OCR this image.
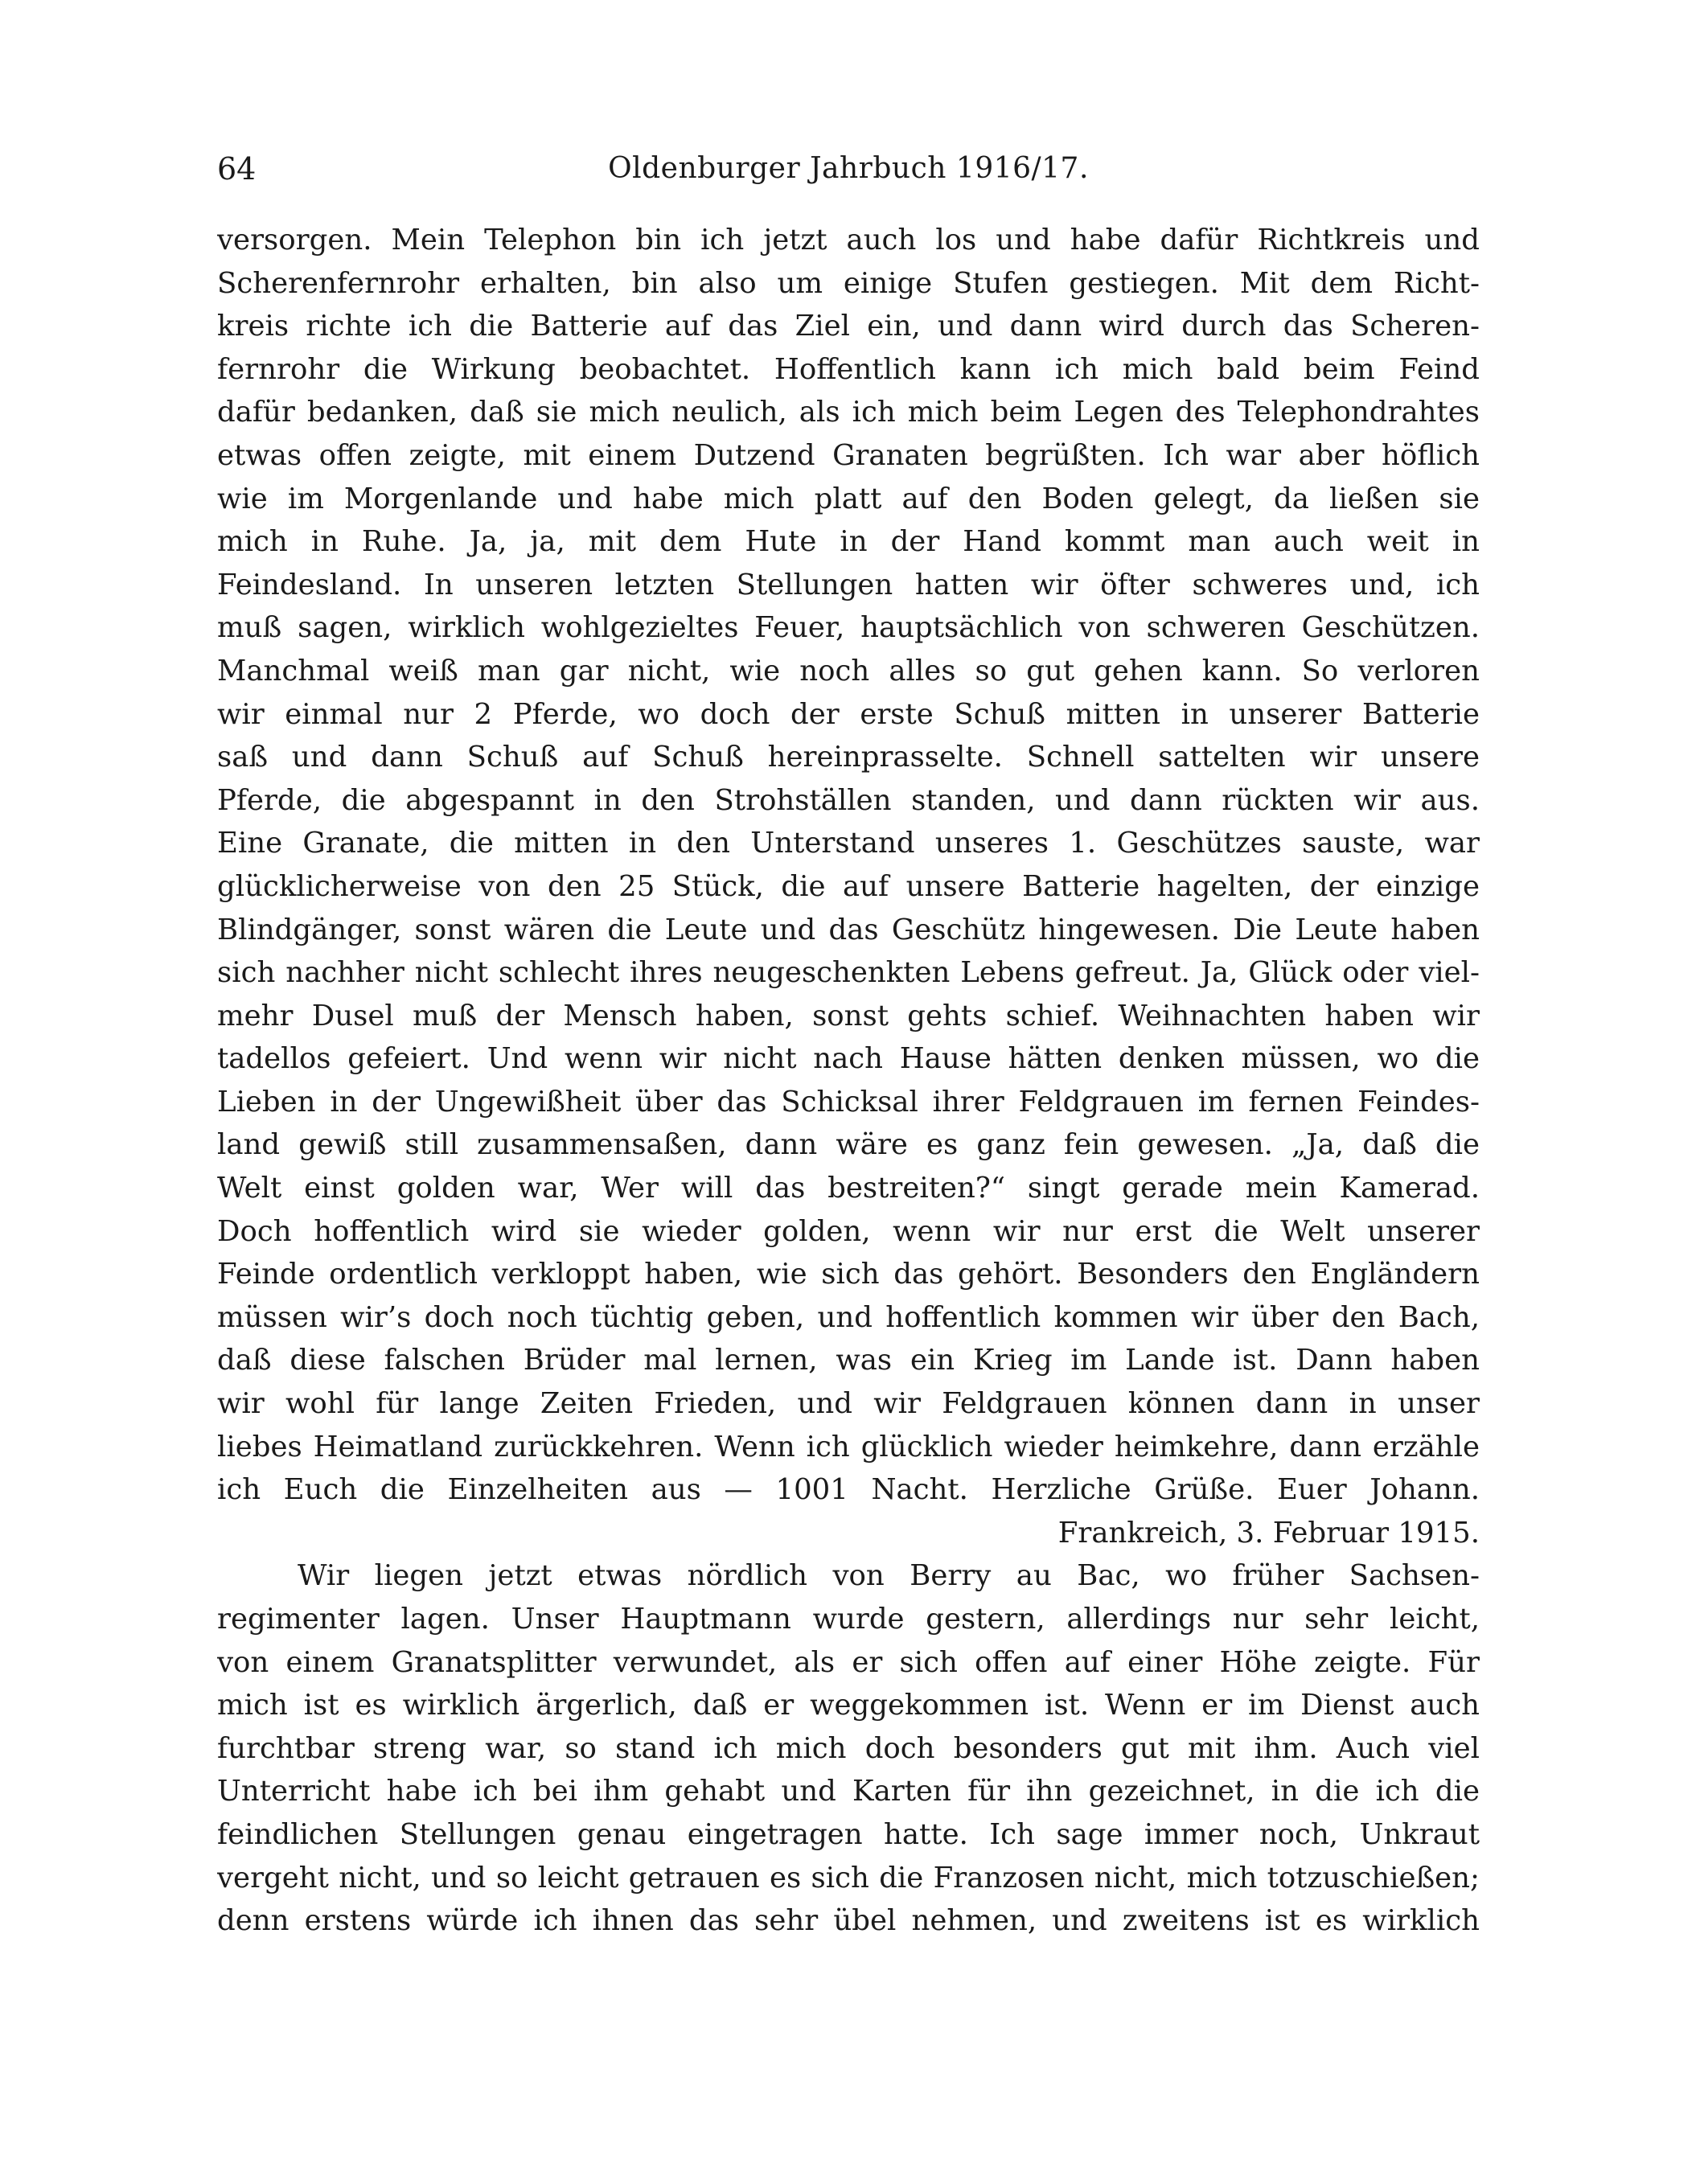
64	Oldenburger Jahrbuch 1916/17.
versorgen. Mein Telephon bin ich jetzt auch los und habe dafür Richtkreis und
Scherenfernrohr erhalten, bin also um einige Stufen gestiegen. Mit dem Richt-
kreis richte ich die Batterie auf das Ziel ein, und dann wird durch das Scheren-
fernrohr die Wirkung beobachtet. Hoffentlich kann ich mich bald beim Feind
dafür bedanken, daß sie mich neulich, als ich mich beim Legen des Telephondrahtes
etwas offen zeigte, mit einem Dutzend Granaten begrüßten. Ich war aber höflich
wie im Morgenlande und habe mich platt auf den Boden gelegt, da ließen sie
mich in Ruhe. Ja, ja, mit dem Hute in der Hand kommt man auch weit in
Feindesland. In unseren letzten Stellungen hatten wir öfter schweres und, ich
muß sagen, wirklich wohlgezieltes Feuer, hauptsächlich von schweren Geschützen.
Manchmal weiß man gar nicht, wie noch alles so gut gehen kann. So verloren
wir einmal nur 2 Pferde, wo doch der erste Schuß mitten in unserer Batterie
saß und dann Schuß auf Schuß hereinprasselte. Schnell sattelten wir unsere
Pferde, die abgespannt in den Strohställen standen, und dann rückten wir aus.
Eine Granate, die mitten in den Unterstand unseres 1. Geschützes sauste, war
glücklicherweise von den 25 Stück, die auf unsere Batterie hagelten, der einzige
Blindgänger, sonst wären die Leute und das Geschütz hingewesen. Die Leute haben
sich nachher nicht schlecht ihres neugeschenkten Lebens gefreut. Ja, Glück oder viel-
mehr Dusel muß der Mensch haben, sonst gehts schief. Weihnachten haben wir
tadellos gefeiert. Und wenn wir nicht nach Hause hätten denken müssen, wo die
Lieben in der Ungewißheit über das Schicksal ihrer Feldgrauen im fernen Feindes-
land gewiß still zusammensaßen, dann wäre es ganz fein gewesen. „Ja, daß die
Welt einst golden war, Wer will das bestreiten?“ singt gerade mein Kamerad.
Doch hoffentlich wird sie wieder golden, wenn wir nur erst die Welt unserer
Feinde ordentlich verkloppt haben, wie sich das gehört. Besonders den Engländern
müssen wir’s doch noch tüchtig geben, und hoffentlich kommen wir über den Bach,
daß diese falschen Brüder mal lernen, was ein Krieg im Lande ist. Dann haben
wir wohl für lange Zeiten Frieden, und wir Feldgrauen können dann in unser
liebes Heimatland zurückkehren. Wenn ich glücklich wieder heimkehre, dann erzähle
ich Euch die Einzelheiten aus — 1001 Nacht. Herzliche Grüße. Euer Johann.
Frankreich, 3. Februar 1915.
Wir liegen jetzt etwas nördlich von Berry au Bac, wo früher Sachsen-
regimenter lagen. Unser Hauptmann wurde gestern, allerdings nur sehr leicht,
von einem Granatsplitter verwundet, als er sich offen auf einer Höhe zeigte. Für
mich ist es wirklich ärgerlich, daß er weggekommen ist. Wenn er im Dienst auch
furchtbar streng war, so stand ich mich doch besonders gut mit ihm. Auch viel
Unterricht habe ich bei ihm gehabt und Karten für ihn gezeichnet, in die ich die
feindlichen Stellungen genau eingetragen hatte. Ich sage immer noch, Unkraut
vergeht nicht, und so leicht getrauen es sich die Franzosen nicht, mich totzuschießen;
denn erstens würde ich ihnen das sehr übel nehmen, und zweitens ist es wirklich
